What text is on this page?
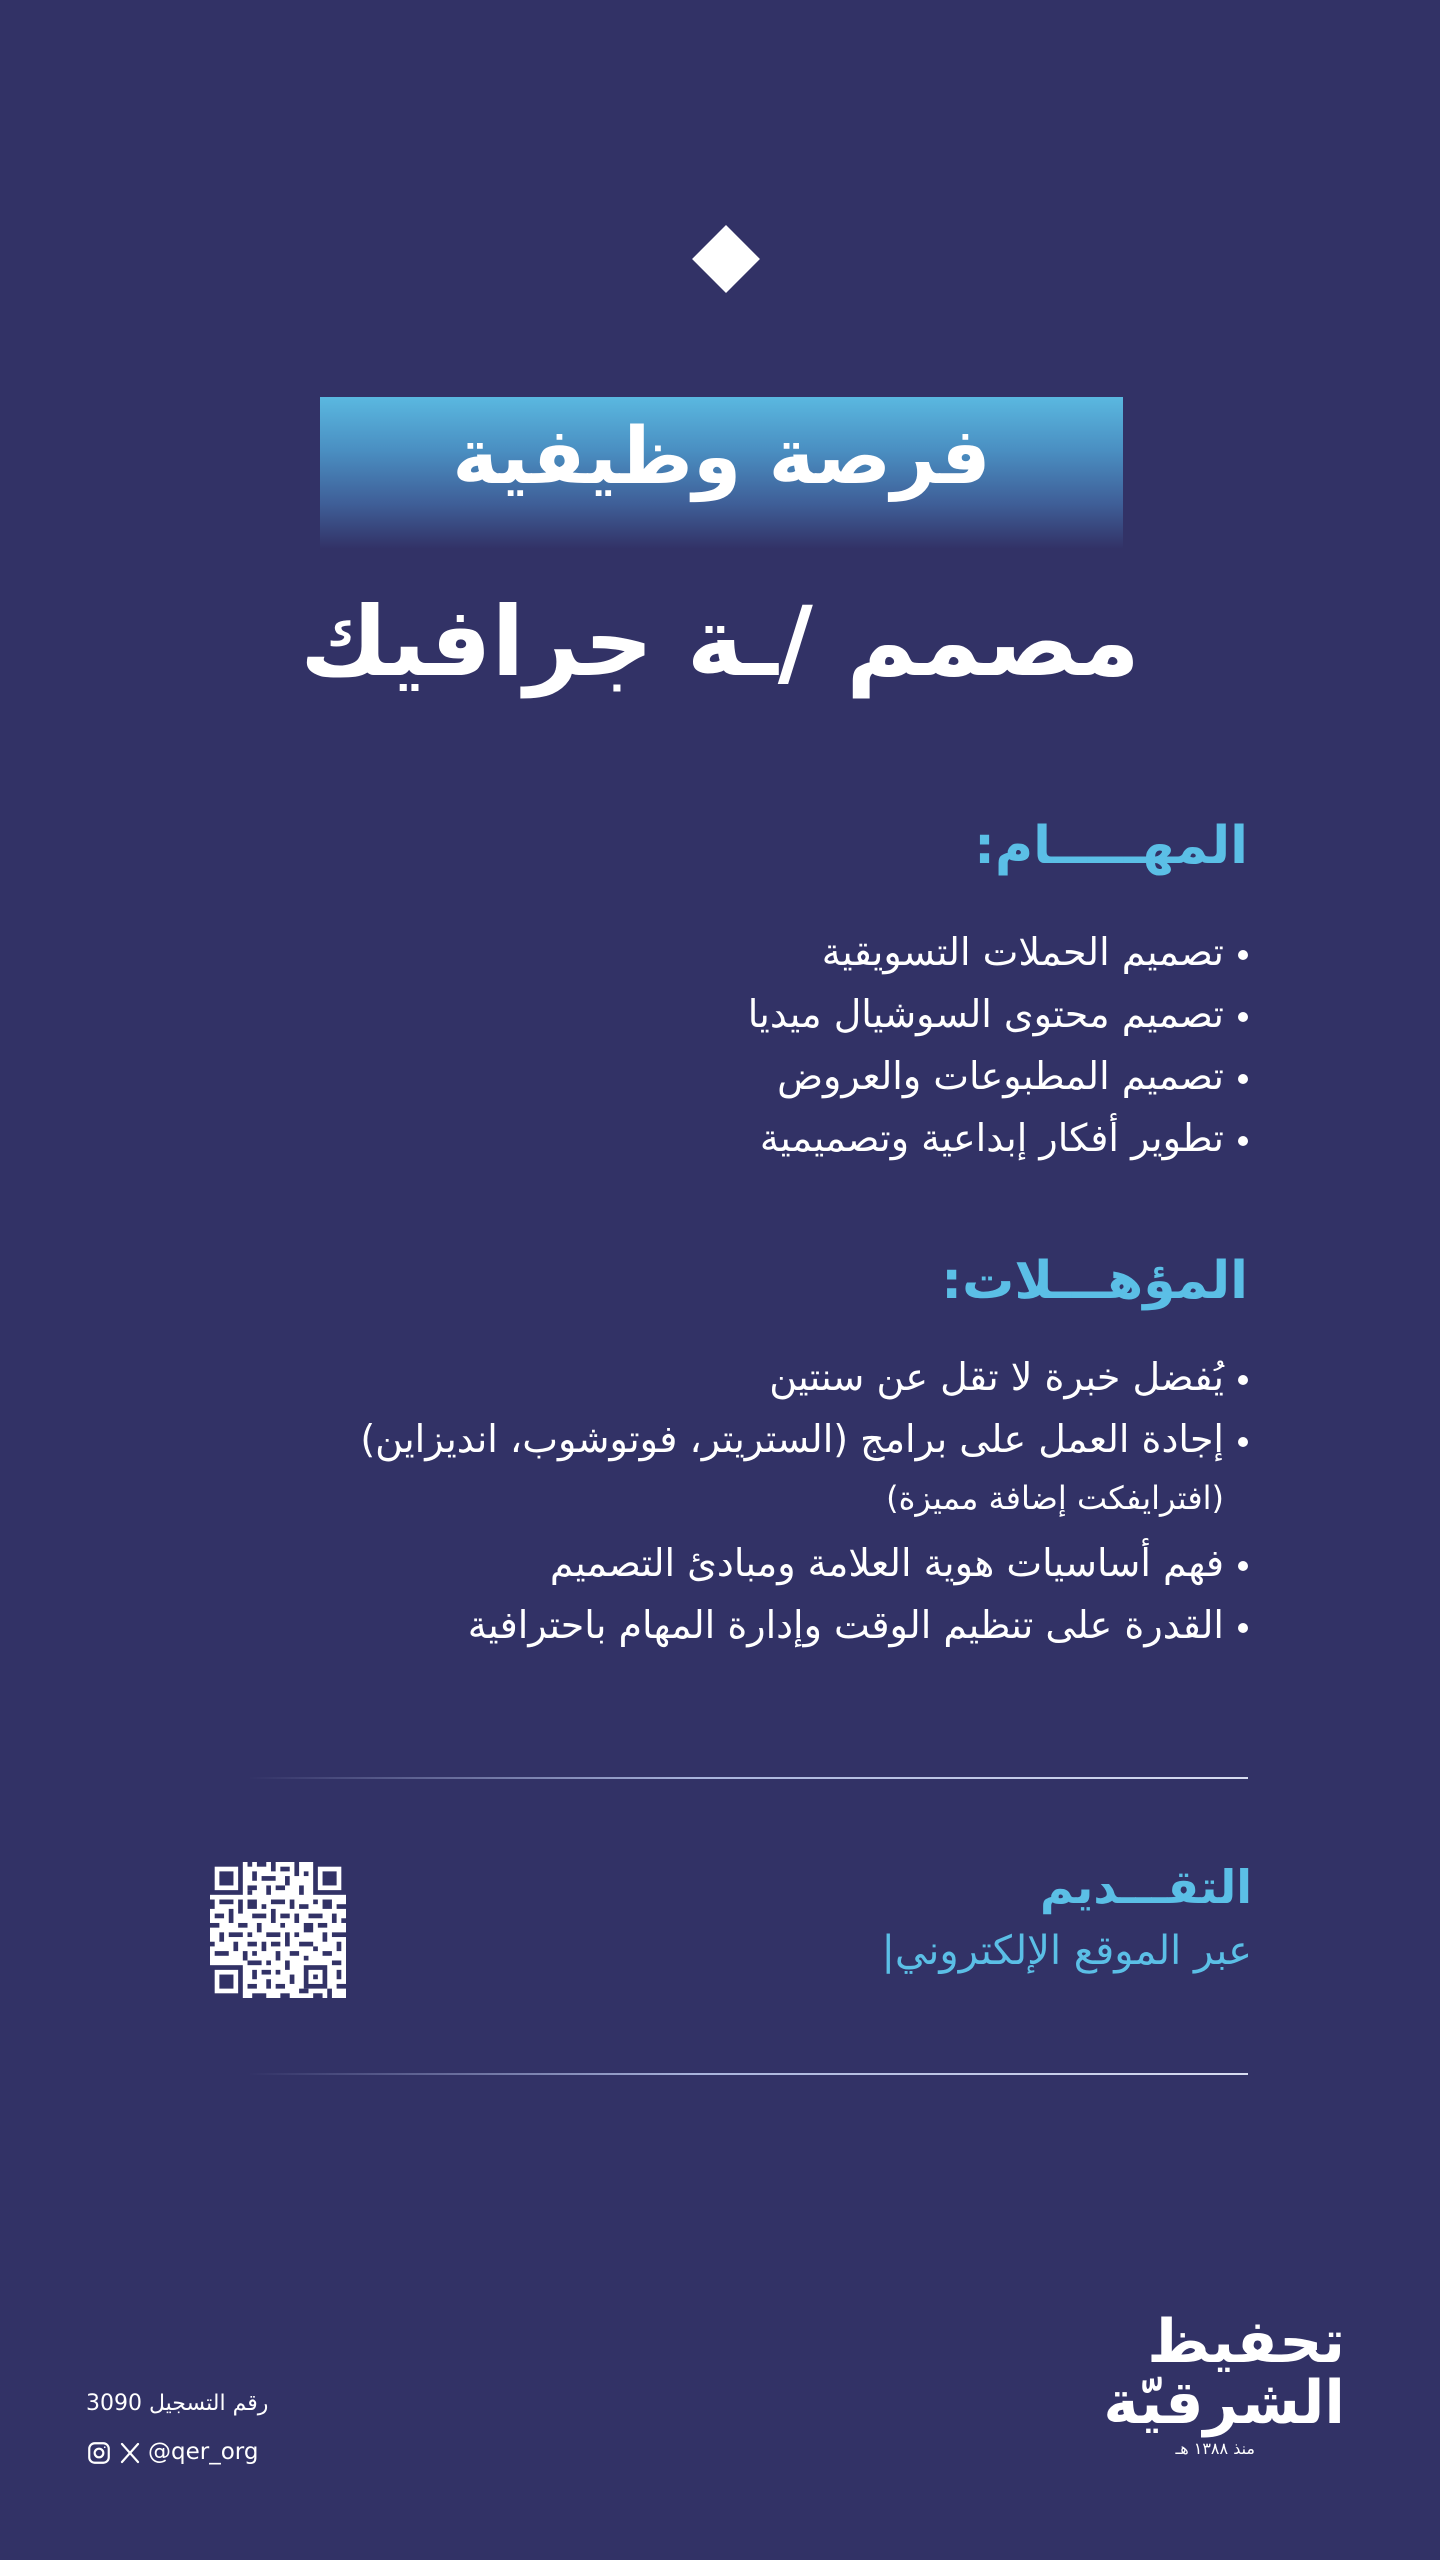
فرصة وظيفية
مصمم /ـة جرافيك
المهـــــام:
تصميم الحملات التسويقية
تصميم محتوى السوشيال ميديا
تصميم المطبوعات والعروض
تطوير أفكار إبداعية وتصميمية
المؤهـــلات:
يُفضل خبرة لا تقل عن سنتين
إجادة العمل على برامج (الستريتر، فوتوشوب، انديزاين)
(افترايفكت إضافة مميزة)
فهم أساسيات هوية العلامة ومبادئ التصميم
القدرة على تنظيم الوقت وإدارة المهام باحترافية
التقـــديم
عبر الموقع الإلكتروني|
تحفيظ
الشرقيّة
منذ ١٣٨٨ هـ
رقم التسجيل 3090
@qer_org
